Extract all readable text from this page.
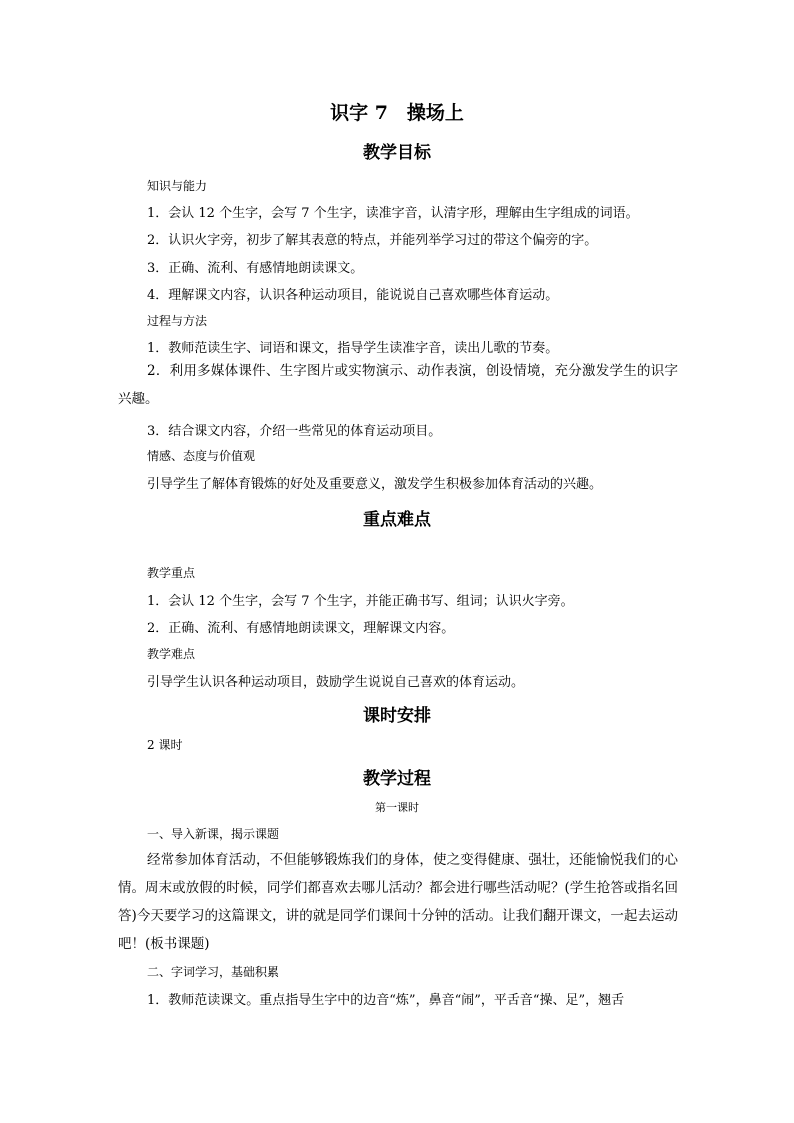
识字 7　操场上
教学目标
知识与能力
1．会认 12 个生字，会写 7 个生字，读准字音，认清字形，理解由生字组成的词语。
2．认识火字旁，初步了解其表意的特点，并能列举学习过的带这个偏旁的字。
3．正确、流利、有感情地朗读课文。
4．理解课文内容，认识各种运动项目，能说说自己喜欢哪些体育运动。
过程与方法
1．教师范读生字、词语和课文，指导学生读准字音，读出儿歌的节奏。
2．利用多媒体课件、生字图片或实物演示、动作表演，创设情境，充分激发学生的识字兴趣。
3．结合课文内容，介绍一些常见的体育运动项目。
情感、态度与价值观
引导学生了解体育锻炼的好处及重要意义，激发学生积极参加体育活动的兴趣。
重点难点
教学重点
1．会认 12 个生字，会写 7 个生字，并能正确书写、组词；认识火字旁。
2．正确、流利、有感情地朗读课文，理解课文内容。
教学难点
引导学生认识各种运动项目，鼓励学生说说自己喜欢的体育运动。
课时安排
2 课时
教学过程
第一课时
一、导入新课，揭示课题
经常参加体育活动，不但能够锻炼我们的身体，使之变得健康、强壮，还能愉悦我们的心情。周末或放假的时候，同学们都喜欢去哪儿活动？都会进行哪些活动呢？(学生抢答或指名回答)今天要学习的这篇课文，讲的就是同学们课间十分钟的活动。让我们翻开课文，一起去运动吧！(板书课题)
二、字词学习，基础积累
1．教师范读课文。重点指导生字中的边音“炼”，鼻音“闹”，平舌音“操、足”，翘舌
